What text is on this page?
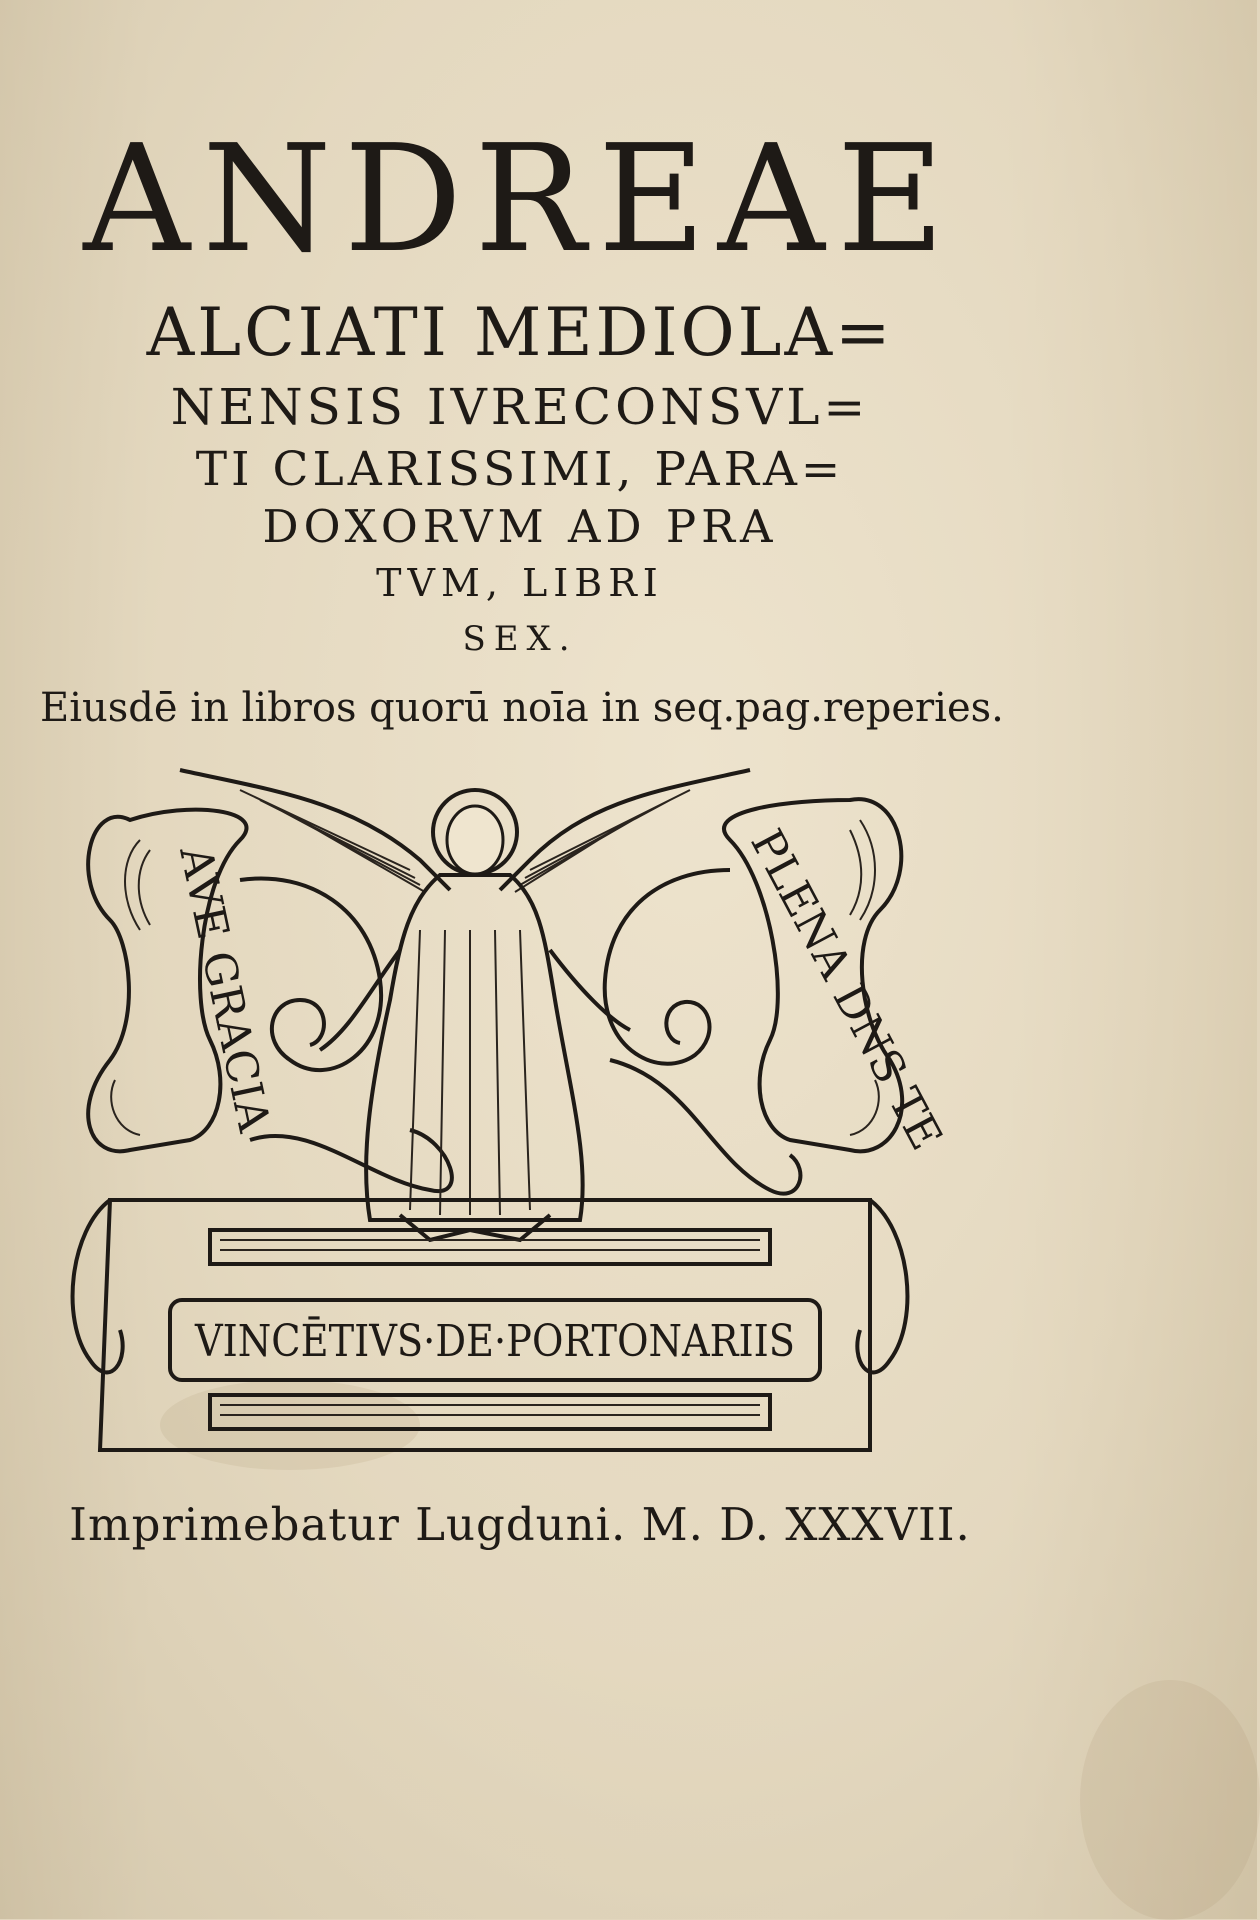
ANDREAE
ALCIATI MEDIOLA=
NENSIS IVRECONSVL=
TI CLARISSIMI, PARA=
DOXORVM AD PRA
TVM, LIBRI
SEX.
Eiusdē in libros quorū noīa in seq.pag.reperies.
AVE GRACIA	PLENA DNS TE
VINCĒTIVS·DE·PORTONARIIS
Imprimebatur Lugduni. M. D. XXXVII.
